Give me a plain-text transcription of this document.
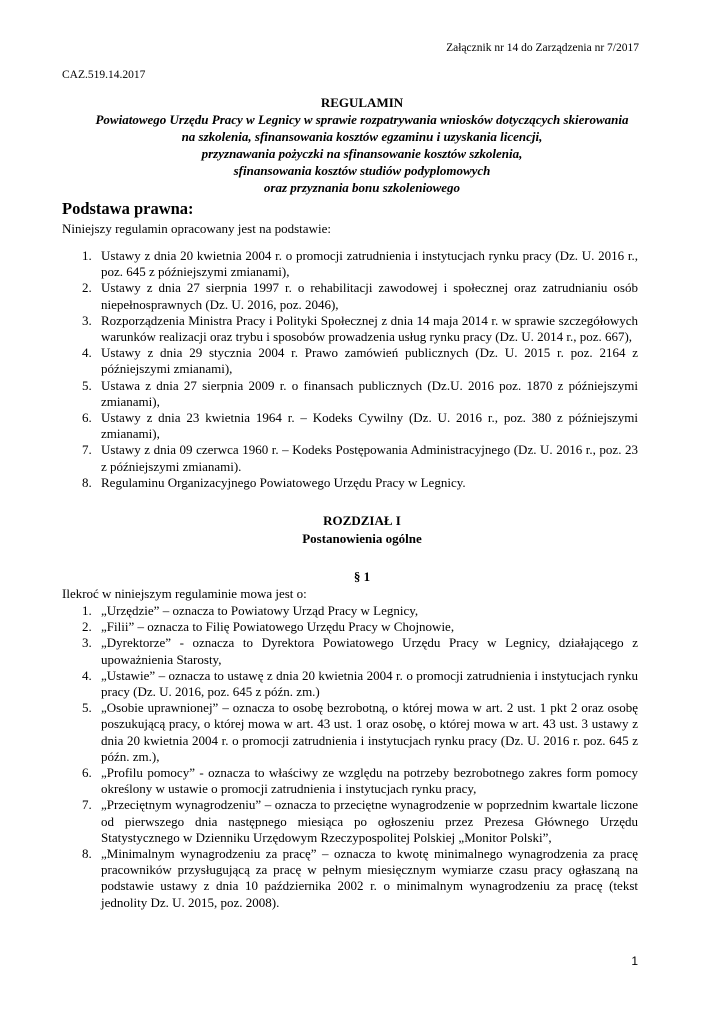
Załącznik nr 14 do Zarządzenia nr 7/2017
CAZ.519.14.2017
REGULAMIN
Powiatowego Urzędu Pracy w Legnicy w sprawie rozpatrywania wniosków dotyczących skierowania
na szkolenia, sfinansowania kosztów egzaminu i uzyskania licencji,
przyznawania pożyczki na sfinansowanie kosztów szkolenia,
sfinansowania kosztów studiów podyplomowych
oraz przyznania bonu szkoleniowego
Podstawa prawna:
Niniejszy regulamin opracowany jest na podstawie:
1. Ustawy z dnia 20 kwietnia 2004 r. o promocji zatrudnienia i instytucjach rynku pracy (Dz. U. 2016 r., poz. 645 z późniejszymi zmianami),
2. Ustawy z dnia 27 sierpnia 1997 r. o rehabilitacji zawodowej i społecznej oraz zatrudnianiu osób niepełnosprawnych (Dz. U. 2016, poz. 2046),
3. Rozporządzenia Ministra Pracy i Polityki Społecznej z dnia 14 maja 2014 r. w sprawie szczegółowych warunków realizacji oraz trybu i sposobów prowadzenia usług rynku pracy (Dz. U. 2014 r., poz. 667),
4. Ustawy z dnia 29 stycznia 2004 r. Prawo zamówień publicznych (Dz. U. 2015 r. poz. 2164 z późniejszymi zmianami),
5. Ustawa z dnia 27 sierpnia 2009 r. o finansach publicznych (Dz.U. 2016 poz. 1870 z późniejszymi zmianami),
6. Ustawy z dnia 23 kwietnia 1964 r. – Kodeks Cywilny (Dz. U. 2016 r., poz. 380 z późniejszymi zmianami),
7. Ustawy z dnia 09 czerwca 1960 r. – Kodeks Postępowania Administracyjnego (Dz. U. 2016 r., poz. 23 z późniejszymi zmianami).
8. Regulaminu Organizacyjnego Powiatowego Urzędu Pracy w Legnicy.
ROZDZIAŁ I
Postanowienia ogólne
§ 1
Ilekroć w niniejszym regulaminie mowa jest o:
1. „Urzędzie” – oznacza to Powiatowy Urząd Pracy w Legnicy,
2. „Filii” – oznacza to Filię Powiatowego Urzędu Pracy w Chojnowie,
3. „Dyrektorze” - oznacza to Dyrektora Powiatowego Urzędu Pracy w Legnicy, działającego z upoważnienia Starosty,
4. „Ustawie” – oznacza to ustawę z dnia 20 kwietnia 2004 r. o promocji zatrudnienia i instytucjach rynku pracy (Dz. U. 2016, poz. 645 z późn. zm.)
5. „Osobie uprawnionej” – oznacza to osobę bezrobotną, o której mowa w art. 2 ust. 1 pkt 2 oraz osobę poszukującą pracy, o której mowa w art. 43 ust. 1 oraz osobę, o której mowa w art. 43 ust. 3 ustawy z dnia 20 kwietnia 2004 r. o promocji zatrudnienia i instytucjach rynku pracy (Dz. U. 2016 r. poz. 645 z późn. zm.),
6. „Profilu pomocy” - oznacza to właściwy ze względu na potrzeby bezrobotnego zakres form pomocy określony w ustawie o promocji zatrudnienia i instytucjach rynku pracy,
7. „Przeciętnym wynagrodzeniu” – oznacza to przeciętne wynagrodzenie w poprzednim kwartale liczone od pierwszego dnia następnego miesiąca po ogłoszeniu przez Prezesa Głównego Urzędu Statystycznego w Dzienniku Urzędowym Rzeczypospolitej Polskiej „Monitor Polski”,
8. „Minimalnym wynagrodzeniu za pracę” – oznacza to kwotę minimalnego wynagrodzenia za pracę pracowników przysługującą za pracę w pełnym miesięcznym wymiarze czasu pracy ogłaszaną na podstawie ustawy z dnia 10 października 2002 r. o minimalnym wynagrodzeniu za pracę (tekst jednolity Dz. U. 2015, poz. 2008).
1
